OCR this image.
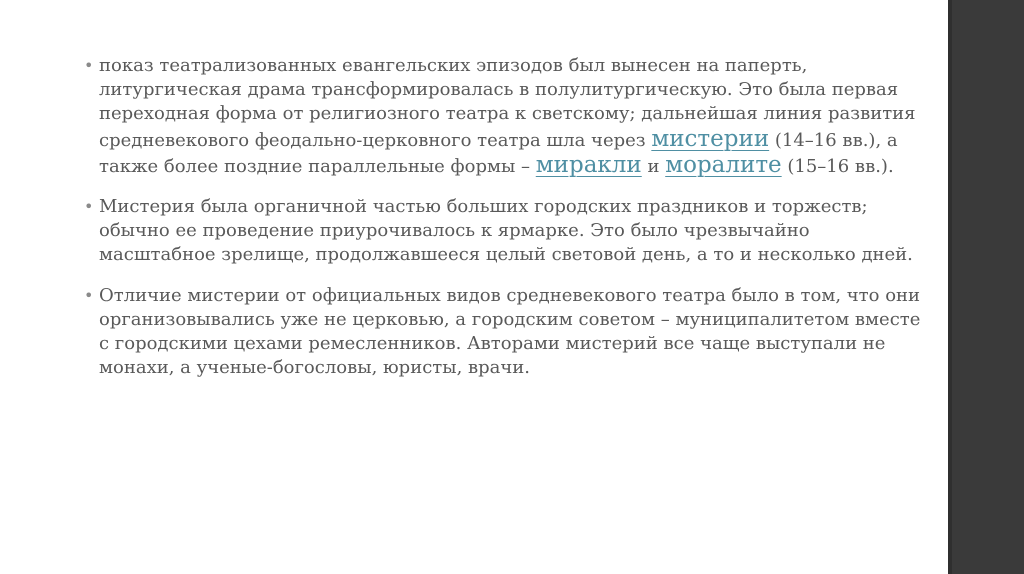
• показ театрализованных евангельских эпизодов был вынесен на паперть, литургическая драма трансформировалась в полулитургическую. Это была первая переходная форма от религиозного театра к светскому; дальнейшая линия развития средневекового феодально-церковного театра шла через мистерии (14–16 вв.), а также более поздние параллельные формы – миракли и моралите (15–16 вв.).
• Мистерия была органичной частью больших городских праздников и торжеств; обычно ее проведение приурочивалось к ярмарке. Это было чрезвычайно масштабное зрелище, продолжавшееся целый световой день, а то и несколько дней.
• Отличие мистерии от официальных видов средневекового театра было в том, что они организовывались уже не церковью, а городским советом – муниципалитетом вместе с городскими цехами ремесленников. Авторами мистерий все чаще выступали не монахи, а ученые-богословы, юристы, врачи.
